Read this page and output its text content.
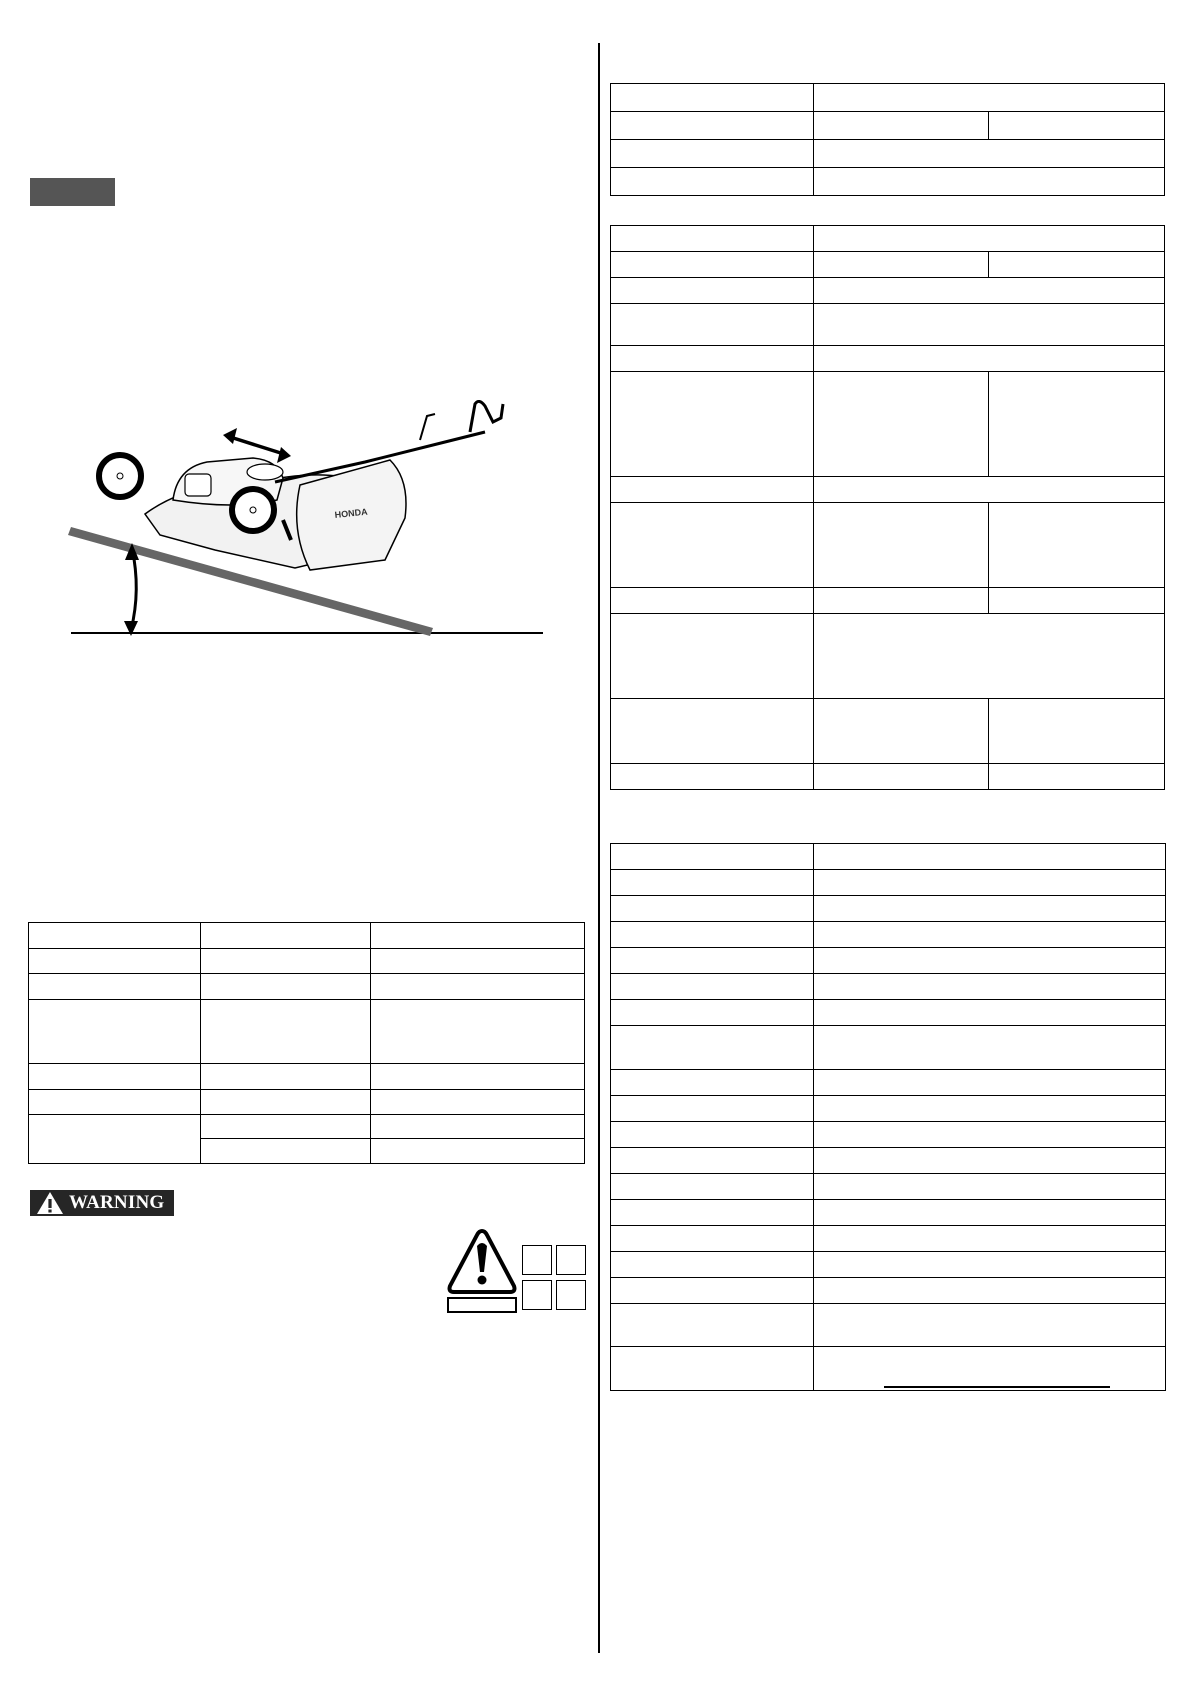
HONDA

WARNING
